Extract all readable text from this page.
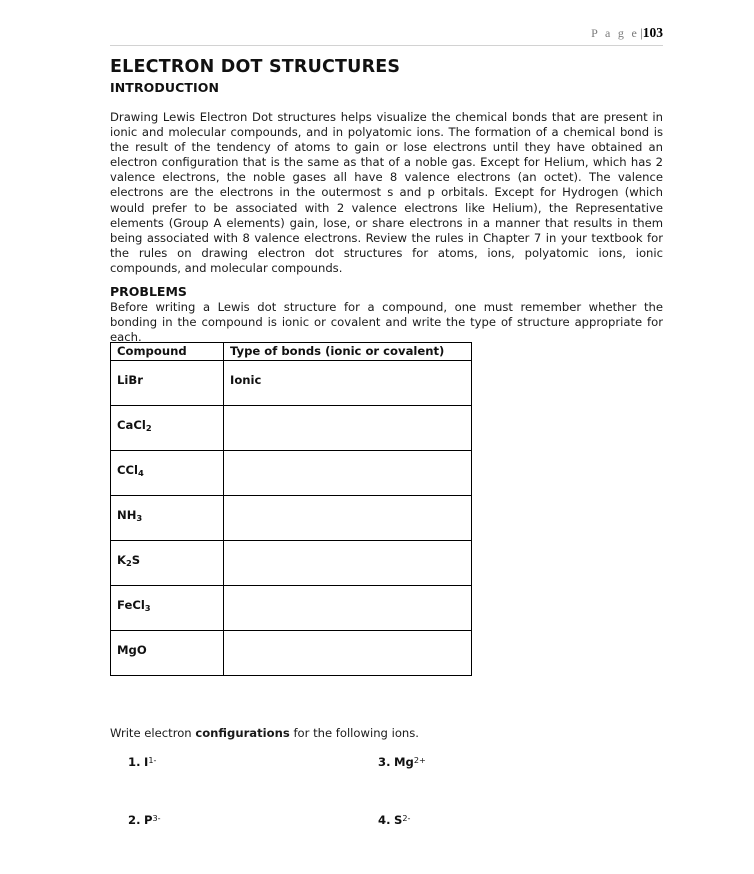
P a g e|103
ELECTRON DOT STRUCTURES
INTRODUCTION
Drawing Lewis Electron Dot structures helps visualize the chemical bonds that are present in ionic and molecular compounds, and in polyatomic ions. The formation of a chemical bond is the result of the tendency of atoms to gain or lose electrons until they have obtained an electron configuration that is the same as that of a noble gas. Except for Helium, which has 2 valence electrons, the noble gases all have 8 valence electrons (an octet). The valence electrons are the electrons in the outermost s and p orbitals. Except for Hydrogen (which would prefer to be associated with 2 valence electrons like Helium), the Representative elements (Group A elements) gain, lose, or share electrons in a manner that results in them being associated with 8 valence electrons. Review the rules in Chapter 7 in your textbook for the rules on drawing electron dot structures for atoms, ions, polyatomic ions, ionic compounds, and molecular compounds.
PROBLEMS
Before writing a Lewis dot structure for a compound, one must remember whether the bonding in the compound is ionic or covalent and write the type of structure appropriate for each.
Compound	Type of bonds (ionic or covalent)

LiBr	Ionic

CaCl$_2$

CCl$_4$

$NH_3$

$K_2S$	

FeCl$_3$

MgO	

Write electron configurations for the following ions.
1. $I^{1-}$
2. $P^{3-}$
3. $Mg^{2+}$
4. $S^{2-}$
